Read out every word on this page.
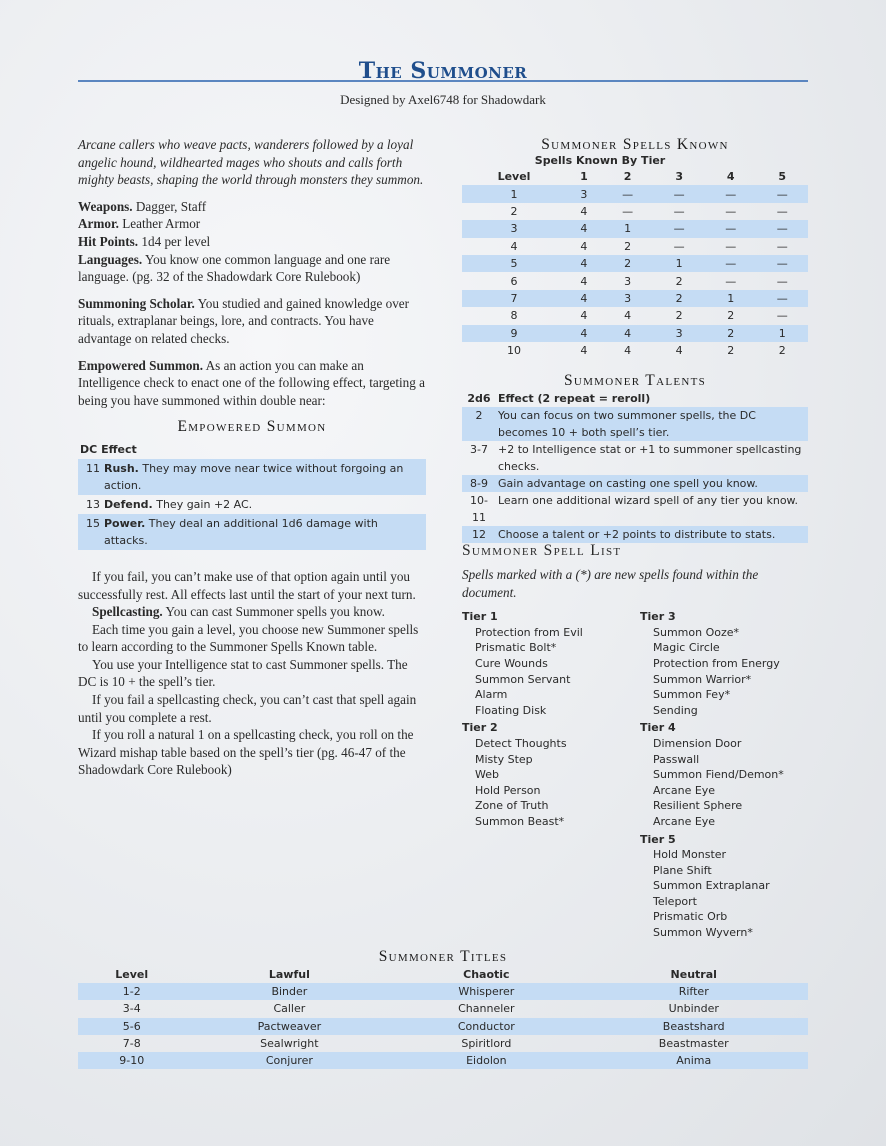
The Summoner
Designed by Axel6748 for Shadowdark

Arcane callers who weave pacts, wanderers followed by a loyal angelic hound, wildhearted mages who shouts and calls forth mighty beasts, shaping the world through monsters they summon.

Weapons. Dagger, Staff

Armor. Leather Armor

Hit Points. 1d4 per level

Languages. You know one common language and one rare language. (pg. 32 of the Shadowdark Core Rulebook)

Summoning Scholar. You studied and gained knowledge over rituals, extraplanar beings, lore, and contracts. You have advantage on related checks.

Empowered Summon. As an action you can make an Intelligence check to enact one of the following effect, targeting a being you have summoned within double near:

Empowered Summon
DC Effect	
11	Rush. They may move near twice without forgoing an action.
13	Defend. They gain +2 AC.
15	Power. They deal an additional 1d6 damage with attacks.

If you fail, you can’t make use of that option again until you successfully rest. All effects last until the start of your next turn.

Spellcasting. You can cast Summoner spells you know.

Each time you gain a level, you choose new Summoner spells to learn according to the Summoner Spells Known table.

You use your Intelligence stat to cast Summoner spells. The DC is 10 + the spell’s tier.

If you fail a spellcasting check, you can’t cast that spell again until you complete a rest.

If you roll a natural 1 on a spellcasting check, you roll on the Wizard mishap table based on the spell’s tier (pg. 46-47 of the Shadowdark Core Rulebook)

Summoner Spells Known
Spells Known By Tier
Level	1	2	3	4	5
1	3	—	—	—	—
2	4	—	—	—	—
3	4	1	—	—	—
4	4	2	—	—	—
5	4	2	1	—	—
6	4	3	2	—	—
7	4	3	2	1	—
8	4	4	2	2	—
9	4	4	3	2	1
10	4	4	4	2	2
Summoner Talents
2d6	Effect (2 repeat = reroll)
2	You can focus on two summoner spells, the DC becomes 10 + both spell’s tier.
3-7	+2 to Intelligence stat or +1 to summoner spellcasting checks.
8-9	Gain advantage on casting one spell you know.
10-11	Learn one additional wizard spell of any tier you know.
12	Choose a talent or +2 points to distribute to stats.
Summoner Spell List
Spells marked with a (*) are new spells found within the document.
Tier 1
Protection from Evil
Prismatic Bolt*
Cure Wounds
Summon Servant
Alarm
Floating Disk
Tier 2
Detect Thoughts
Misty Step
Web
Hold Person
Zone of Truth
Summon Beast*
Tier 3
Summon Ooze*
Magic Circle
Protection from Energy
Summon Warrior*
Summon Fey*
Sending
Tier 4
Dimension Door
Passwall
Summon Fiend/Demon*
Arcane Eye
Resilient Sphere
Arcane Eye
Tier 5
Hold Monster
Plane Shift
Summon Extraplanar
Teleport
Prismatic Orb
Summon Wyvern*
Summoner Titles
Level	Lawful	Chaotic	Neutral
1-2	Binder	Whisperer	Rifter
3-4	Caller	Channeler	Unbinder
5-6	Pactweaver	Conductor	Beastshard
7-8	Sealwright	Spiritlord	Beastmaster
9-10	Conjurer	Eidolon	Anima
